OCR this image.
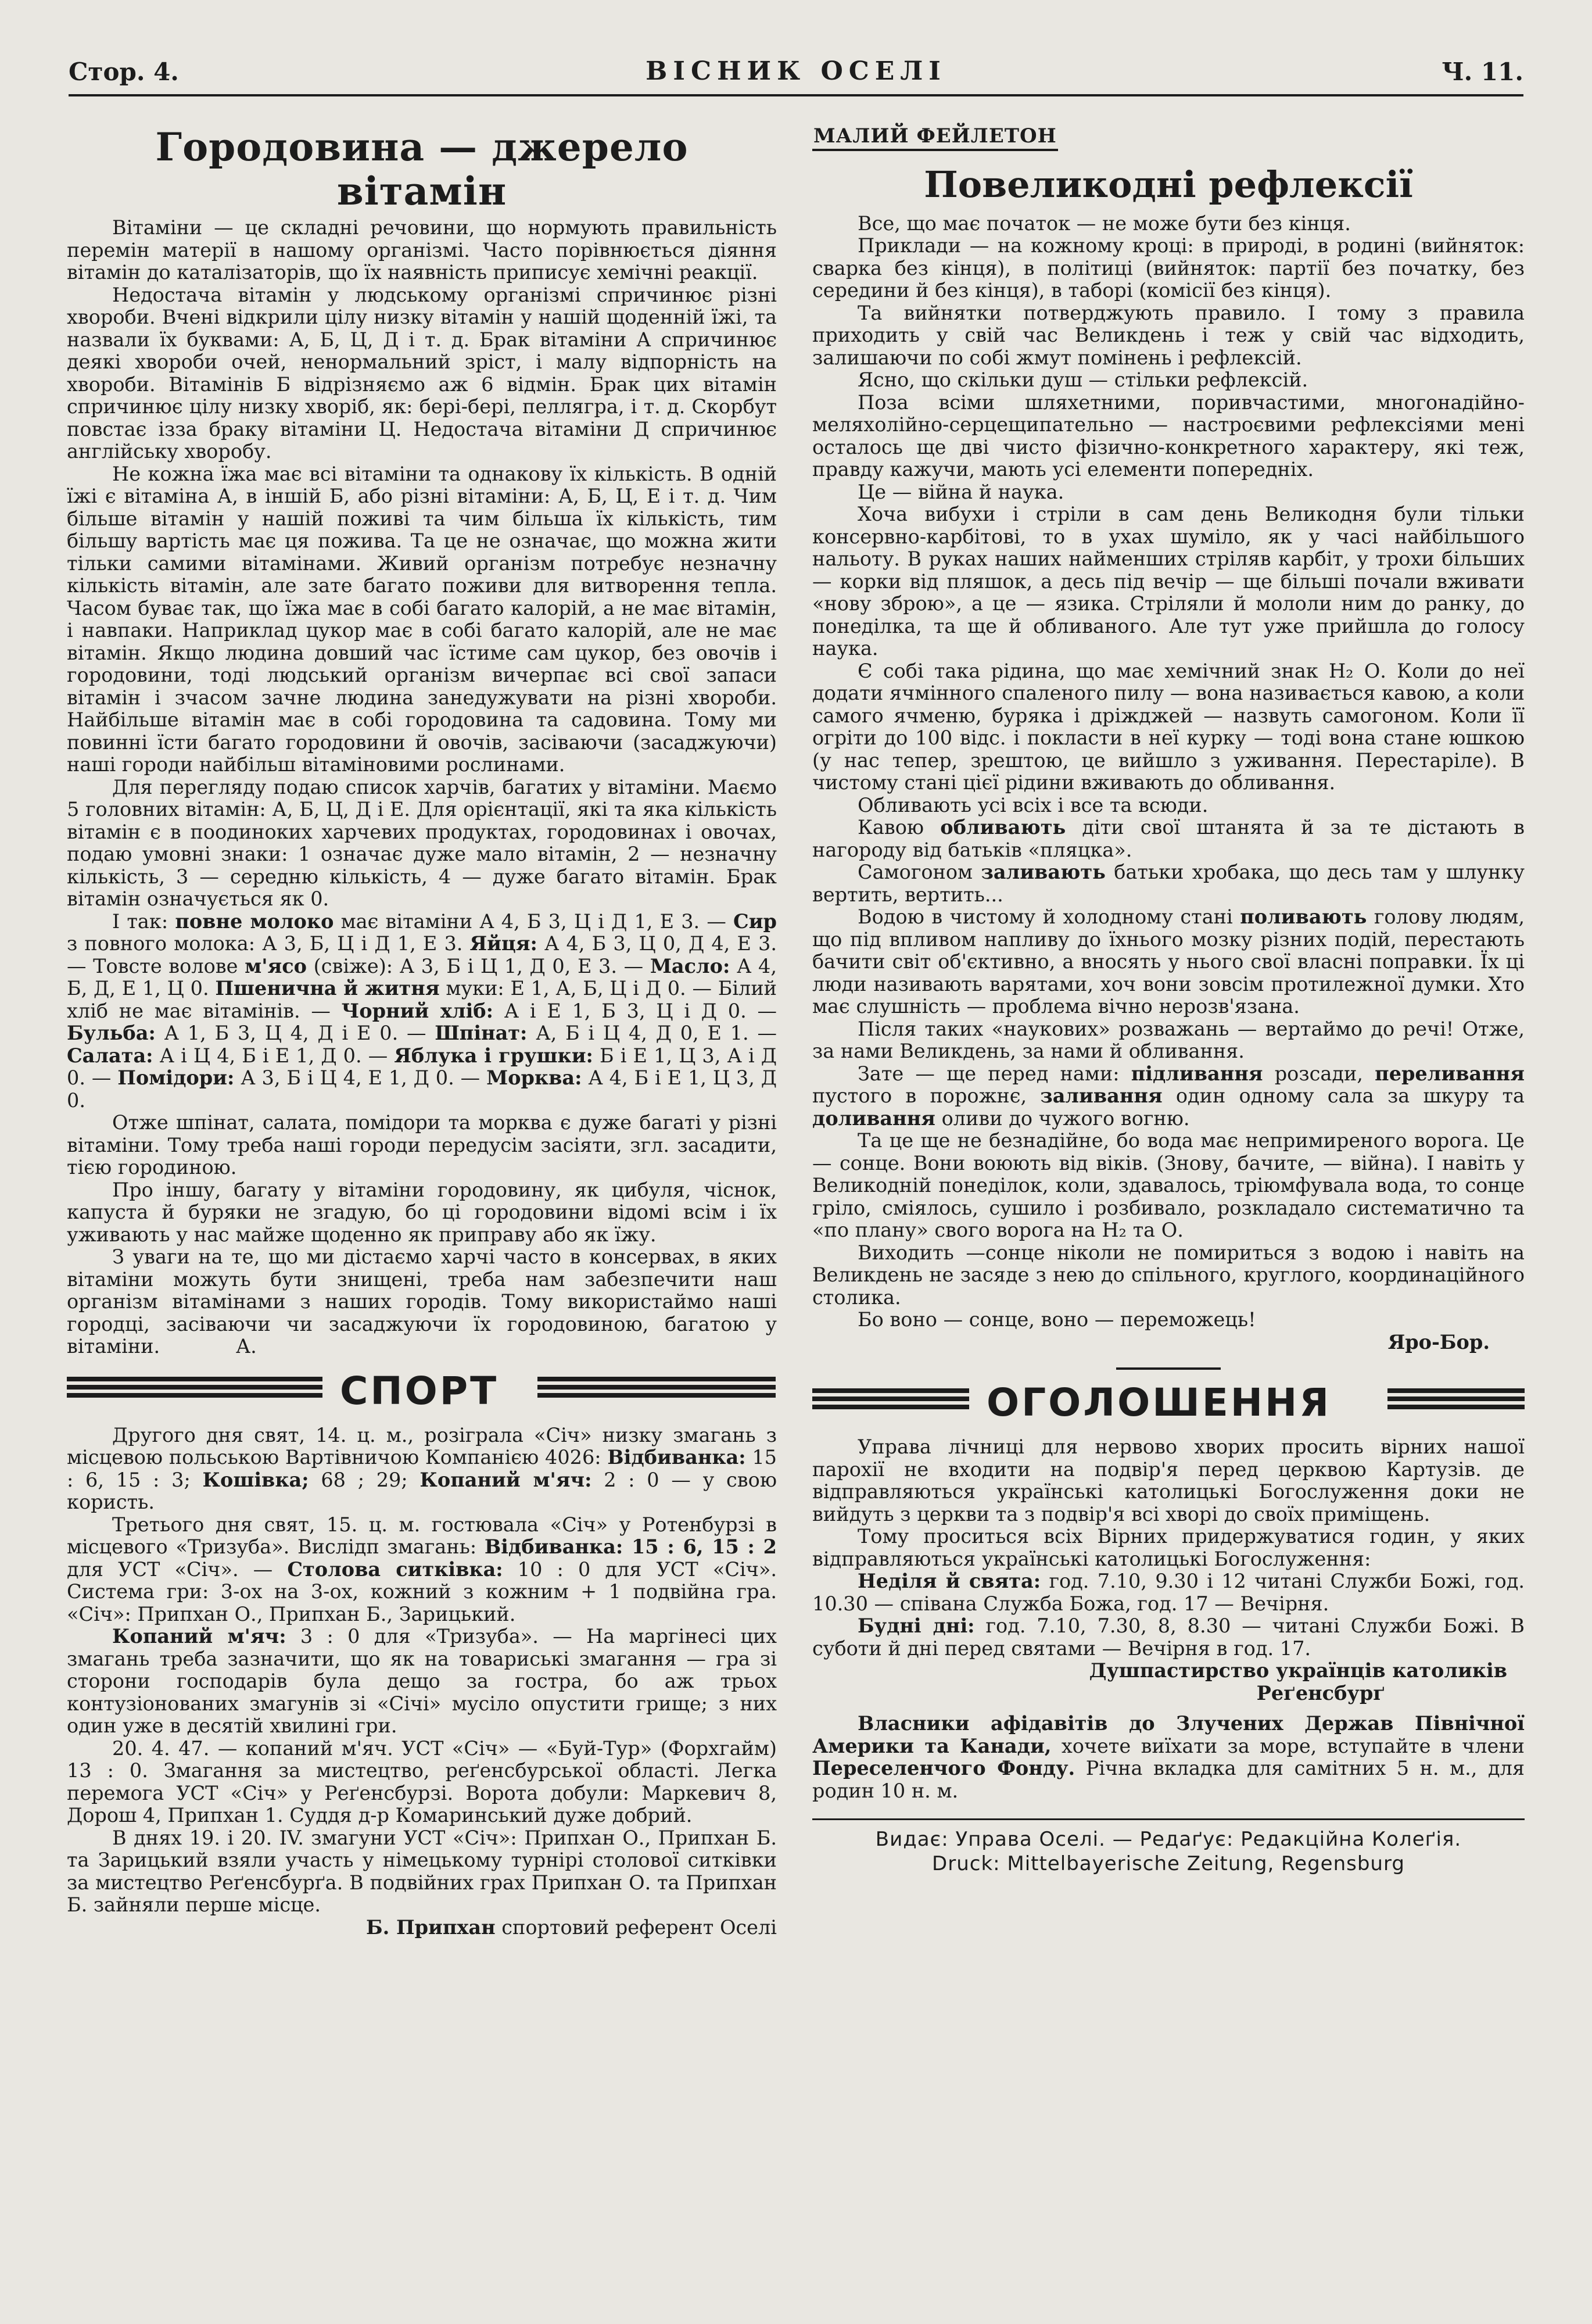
Стор. 4.	ВІСНИК ОСЕЛІ	Ч. 11.
Городовина — джерело вітамін

Вітаміни — це складні речовини, що нормують правильність перемін матерії в нашому організмі. Часто порівнюється діяння вітамін до каталізаторів, що їх наявність приписує хемічні реакції.

Недостача вітамін у людському організмі спричинює різні хвороби. Вчені відкрили цілу низку вітамін у нашій щоденній їжі, та назвали їх буквами: А, Б, Ц, Д і т. д. Брак вітаміни А спричинює деякі хвороби очей, ненормальний зріст, і малу відпорність на хвороби. Вітамінів Б відрізняємо аж 6 відмін. Брак цих вітамін спричинює цілу низку хворіб, як: бері-бері, пеллягра, і т. д. Скорбут повстає ізза браку вітаміни Ц. Недостача вітаміни Д спричинює англійську хворобу.

Не кожна їжа має всі вітаміни та однакову їх кількість. В одній їжі є вітаміна А, в іншій Б, або різні вітаміни: А, Б, Ц, Е і т. д. Чим більше вітамін у нашій поживі та чим більша їх кількість, тим більшу вартість має ця пожива. Та це не означає, що можна жити тільки самими вітамінами. Живий організм потребує незначну кількість вітамін, але зате багато поживи для витворення тепла. Часом буває так, що їжа має в собі багато калорій, а не має вітамін, і навпаки. Наприклад цукор має в собі багато калорій, але не має вітамін. Якщо людина довший час їстиме сам цукор, без овочів і городовини, тоді людський організм вичерпає всі свої запаси вітамін і зчасом зачне людина занедужувати на різні хвороби. Найбільше вітамін має в собі городовина та садовина. Тому ми повинні їсти багато городовини й овочів, засіваючи (засаджуючи) наші городи найбільш вітаміновими рослинами.

Для перегляду подаю список харчів, багатих у вітаміни. Маємо 5 головних вітамін: А, Б, Ц, Д і Е. Для орієнтації, які та яка кількість вітамін є в поодиноких харчевих продуктах, городовинах і овочах, подаю умовні знаки: 1 означає дуже мало вітамін, 2 — незначну кількість, 3 — середню кількість, 4 — дуже багато вітамін. Брак вітамін означується як 0.

І так: повне молоко має вітаміни А 4, Б 3, Ц і Д 1, Е 3. — Сир з повного молока: А 3, Б, Ц і Д 1, Е 3. Яйця: А 4, Б 3, Ц 0, Д 4, Е 3. — Товсте волове м'ясо (свіже): А 3, Б і Ц 1, Д 0, Е 3. — Масло: А 4, Б, Д, Е 1, Ц 0. Пшенична й житня муки: Е 1, А, Б, Ц і Д 0. — Білий хліб не має вітамінів. — Чорний хліб: А і Е 1, Б 3, Ц і Д 0. — Бульба: А 1, Б 3, Ц 4, Д і Е 0. — Шпінат: А, Б і Ц 4, Д 0, Е 1. — Салата: А і Ц 4, Б і Е 1, Д 0. — Яблука і грушки: Б і Е 1, Ц 3, А і Д 0. — Помідори: А 3, Б і Ц 4, Е 1, Д 0. — Морква: А 4, Б і Е 1, Ц 3, Д 0.

Отже шпінат, салата, помідори та морква є дуже багаті у різні вітаміни. Тому треба наші городи передусім засіяти, згл. засадити, тією городиною.

Про іншу, багату у вітаміни городовину, як цибуля, чіснок, капуста й буряки не згадую, бо ці городовини відомі всім і їх уживають у нас майже щоденно як приправу або як їжу.

З уваги на те, що ми дістаємо харчі часто в консервах, в яких вітаміни можуть бути знищені, треба нам забезпечити наш організм вітамінами з наших городів. Тому використаймо наші городці, засіваючи чи засаджуючи їх городовиною, багатою у вітаміни.	А.

СПОРТ

Другого дня свят, 14. ц. м., розіграла «Січ» низку змагань з місцевою польською Вартівничою Компанією 4026: Відбиванка: 15 : 6, 15 : 3; Кошівка; 68 ; 29; Копаний м'яч: 2 : 0 — у свою користь.

Третього дня свят, 15. ц. м. гостювала «Січ» у Ротенбурзі в місцевого «Тризуба». Вислідп змагань: Відбиванка: 15 : 6, 15 : 2 для УСТ «Січ». — Столова ситківка: 10 : 0 для УСТ «Січ». Система гри: 3-ох на 3-ох, кожний з кожним + 1 подвійна гра. «Січ»: Припхан О., Припхан Б., Зарицький.

Копаний м'яч: 3 : 0 для «Тризуба». — На маргінесі цих змагань треба зазначити, що як на товариські змагання — гра зі сторони господарів була дещо за гостра, бо аж трьох контузіонованих змагунів зі «Січі» мусіло опустити грище; з них один уже в десятій хвилині гри.

20. 4. 47. — копаний м'яч. УСТ «Січ» — «Буй-Тур» (Форхгайм) 13 : 0. Змагання за мистецтво, реґенсбурської області. Легка перемога УСТ «Січ» у Реґенсбурзі. Ворота добули: Маркевич 8, Дорош 4, Припхан 1. Суддя д-р Комаринський дуже добрий.

В днях 19. і 20. IV. змагуни УСТ «Січ»: Припхан О., Припхан Б. та Зарицький взяли участь у німецькому турнірі столової ситківки за мистецтво Реґенсбурґа. В подвійних грах Припхан О. та Припхан Б. зайняли перше місце.

Б. Припхан спортовий референт Оселі

МАЛИЙ ФЕЙЛЕТОН
Повеликодні рефлексії

Все, що має початок — не може бути без кінця.

Приклади — на кожному кроці: в природі, в родині (вийняток: сварка без кінця), в політиці (вийняток: партії без початку, без середини й без кінця), в таборі (комісії без кінця).

Та вийнятки потверджують правило. І тому з правила приходить у свій час Великдень і теж у свій час відходить, залишаючи по собі жмут помінень і рефлексій.

Ясно, що скільки душ — стільки рефлексій.

Поза всіми шляхетними, поривчастими, многонадійно-меляхолійно-серцещипательно — настроєвими рефлексіями мені осталось ще дві чисто фізично-конкретного характеру, які теж, правду кажучи, мають усі елементи попередніх.

Це — війна й наука.

Хоча вибухи і стріли в сам день Великодня були тільки консервно-карбітові, то в ухах шуміло, як у часі найбільшого нальоту. В руках наших найменших стріляв карбіт, у трохи більших — корки від пляшок, а десь під вечір — ще більші почали вживати «нову зброю», а це — язика. Стріляли й мололи ним до ранку, до понеділка, та ще й обливаного. Але тут уже прийшла до голосу наука.

Є собі така рідина, що має хемічний знак Н₂ О. Коли до неї додати ячмінного спаленого пилу — вона називається кавою, а коли самого ячменю, буряка і дріжджей — назвуть самогоном. Коли її огріти до 100 відс. і покласти в неї курку — тоді вона стане юшкою (у нас тепер, зрештою, це вийшло з уживання. Перестаріле). В чистому стані цієї рідини вживають до обливання.

Обливають усі всіх і все та всюди.

Кавою обливають діти свої штанята й за те дістають в нагороду від батьків «пляцка».

Самогоном заливають батьки хробака, що десь там у шлунку вертить, вертить...

Водою в чистому й холодному стані поливають голову людям, що під впливом напливу до їхнього мозку різних подій, перестають бачити світ об'єктивно, а вносять у нього свої власні поправки. Їх ці люди називають варятами, хоч вони зовсім протилежної думки. Хто має слушність — проблема вічно нерозв'язана.

Після таких «наукових» розважань — вертаймо до речі! Отже, за нами Великдень, за нами й обливання.

Зате — ще перед нами: підливання розсади, переливання пустого в порожнє, заливання один одному сала за шкуру та доливання оливи до чужого вогню.

Та це ще не безнадійне, бо вода має непримиреного ворога. Це — сонце. Вони воюють від віків. (Знову, бачите, — війна). І навіть у Великодній понеділок, коли, здавалось, тріюмфувала вода, то сонце гріло, сміялось, сушило і розбивало, розкладало систематично та «по плану» свого ворога на Н₂ та О.

Виходить —сонце ніколи не помириться з водою і навіть на Великдень не засяде з нею до спільного, круглого, координаційного столика.

Бо воно — сонце, воно — переможець!

Яро-Бор.
ОГОЛОШЕННЯ

Управа лічниці для нервово хворих просить вірних нашої парохії не входити на подвір'я перед церквою Картузів. де відправляються українські католицькі Богослуження доки не вийдуть з церкви та з подвір'я всі хворі до своїх приміщень.

Тому проситься всіх Вірних придержуватися годин, у яких відправляються українські католицькі Богослуження:

Неділя й свята: год. 7.10, 9.30 і 12 читані Служби Божі, год. 10.30 — співана Служба Божа, год. 17 — Вечірня.

Будні дні: год. 7.10, 7.30, 8, 8.30 — читані Служби Божі. В суботи й дні перед святами — Вечірня в год. 17.

Душпастирство українців католиків
Реґенсбурґ

Власники афідавітів до Злучених Держав Північної Америки та Канади, хочете виїхати за море, вступайте в члени Переселенчого Фонду. Річна вкладка для самітних 5 н. м., для родин 10 н. м.

Видає: Управа Оселі. — Редаґує: Редакційна Колеґія.
Druck: Mittelbayerische Zeitung, Regensburg
